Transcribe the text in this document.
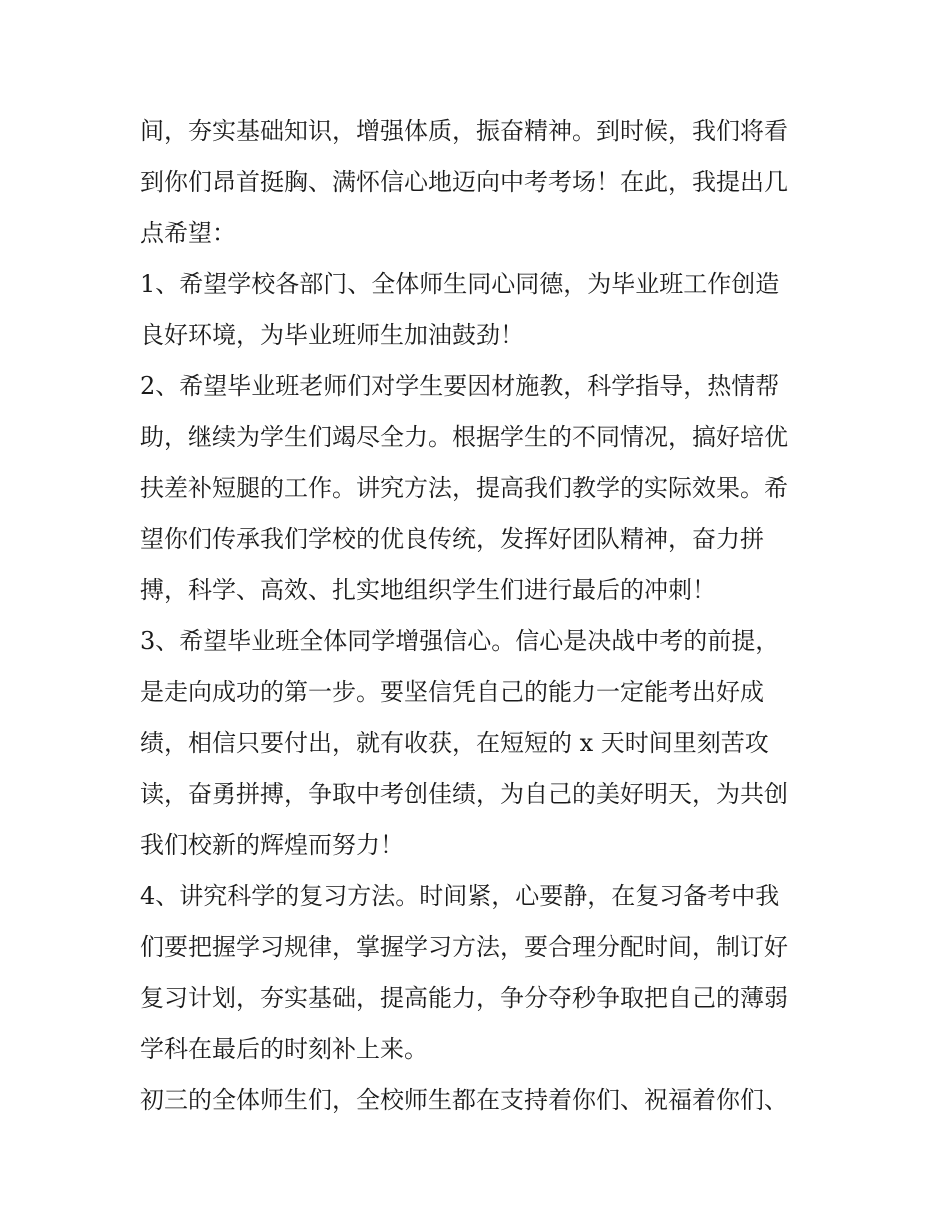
间，夯实基础知识，增强体质，振奋精神。到时候，我们将看
到你们昂首挺胸、满怀信心地迈向中考考场！在此，我提出几
点希望：
1、希望学校各部门、全体师生同心同德，为毕业班工作创造
良好环境，为毕业班师生加油鼓劲！
2、希望毕业班老师们对学生要因材施教，科学指导，热情帮
助，继续为学生们竭尽全力。根据学生的不同情况，搞好培优
扶差补短腿的工作。讲究方法，提高我们教学的实际效果。希
望你们传承我们学校的优良传统，发挥好团队精神，奋力拼
搏，科学、高效、扎实地组织学生们进行最后的冲刺！
3、希望毕业班全体同学增强信心。信心是决战中考的前提，
是走向成功的第一步。要坚信凭自己的能力一定能考出好成
绩，相信只要付出，就有收获，在短短的 x 天时间里刻苦攻
读，奋勇拼搏，争取中考创佳绩，为自己的美好明天，为共创
我们校新的辉煌而努力！
4、讲究科学的复习方法。时间紧，心要静，在复习备考中我
们要把握学习规律，掌握学习方法，要合理分配时间，制订好
复习计划，夯实基础，提高能力，争分夺秒争取把自己的薄弱
学科在最后的时刻补上来。
初三的全体师生们，全校师生都在支持着你们、祝福着你们、
